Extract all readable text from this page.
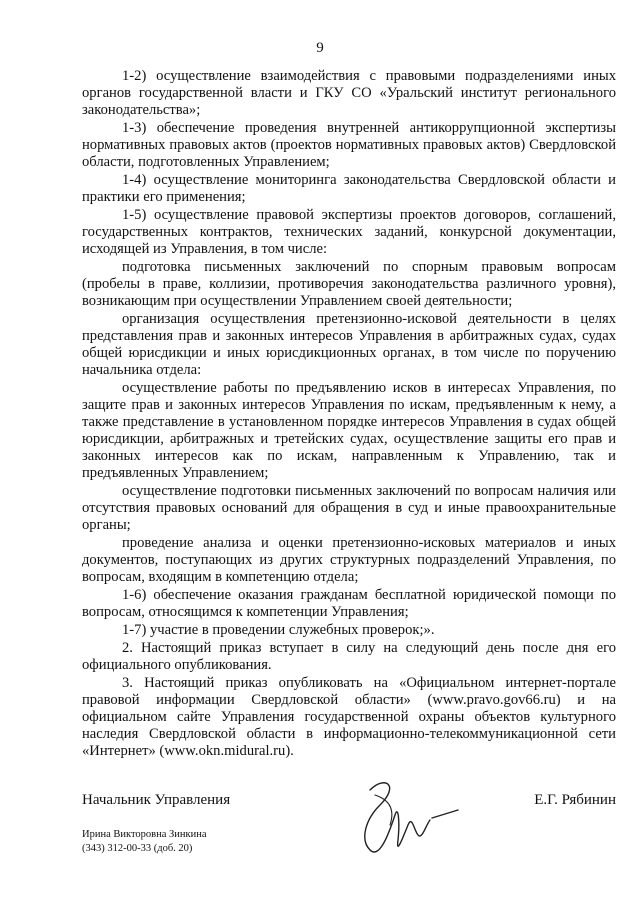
9

1-2) осуществление взаимодействия с правовыми подразделениями иных органов государственной власти и ГКУ СО «Уральский институт регионального законодательства»;

1-3) обеспечение проведения внутренней антикоррупционной экспертизы нормативных правовых актов (проектов нормативных правовых актов) Свердловской области, подготовленных Управлением;

1-4) осуществление мониторинга законодательства Свердловской области и практики его применения;

1-5) осуществление правовой экспертизы проектов договоров, соглашений, государственных контрактов, технических заданий, конкурсной документации, исходящей из Управления, в том числе:

подготовка письменных заключений по спорным правовым вопросам (пробелы в праве, коллизии, противоречия законодательства различного уровня), возникающим при осуществлении Управлением своей деятельности;

организация осуществления претензионно-исковой деятельности в целях представления прав и законных интересов Управления в арбитражных судах, судах общей юрисдикции и иных юрисдикционных органах, в том числе по поручению начальника отдела:

осуществление работы по предъявлению исков в интересах Управления, по защите прав и законных интересов Управления по искам, предъявленным к нему, а также представление в установленном порядке интересов Управления в судах общей юрисдикции, арбитражных и третейских судах, осуществление защиты его прав и законных интересов как по искам, направленным к Управлению, так и предъявленных Управлением;

осуществление подготовки письменных заключений по вопросам наличия или отсутствия правовых оснований для обращения в суд и иные правоохранительные органы;

проведение анализа и оценки претензионно-исковых материалов и иных документов, поступающих из других структурных подразделений Управления, по вопросам, входящим в компетенцию отдела;

1-6) обеспечение оказания гражданам бесплатной юридической помощи по вопросам, относящимся к компетенции Управления;

1-7) участие в проведении служебных проверок;».

2. Настоящий приказ вступает в силу на следующий день после дня его официального опубликования.

3. Настоящий приказ опубликовать на «Официальном интернет-портале правовой информации Свердловской области» (www.pravo.gov66.ru) и на официальном сайте Управления государственной охраны объектов культурного наследия Свердловской области в информационно-телекоммуникационной сети «Интернет» (www.okn.midural.ru).

Начальник Управления	Е.Г. Рябинин
Ирина Викторовна Зинкина
(343) 312-00-33 (доб. 20)
